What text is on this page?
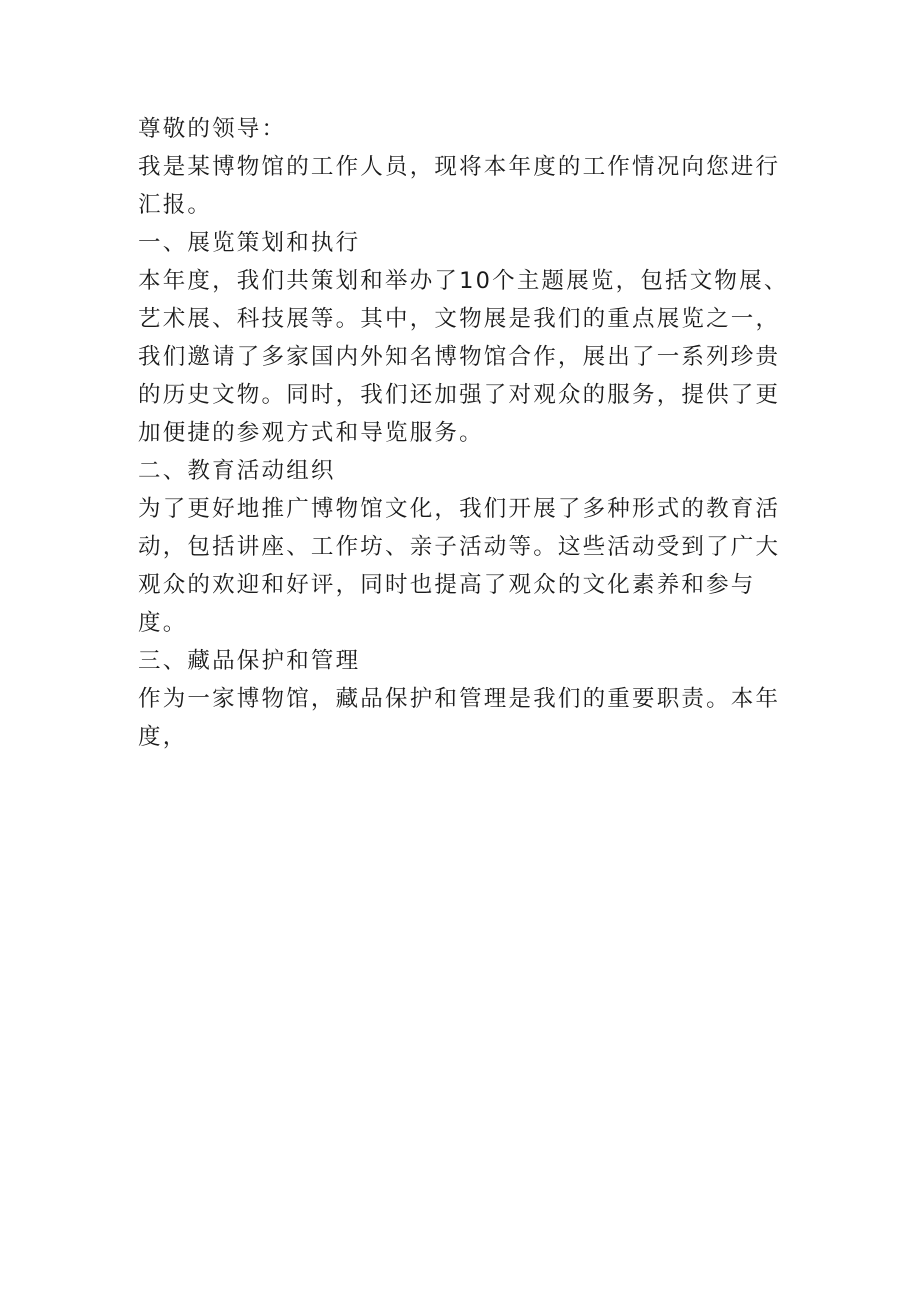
尊敬的领导：

我是某博物馆的工作人员，现将本年度的工作情况向您进行汇报。

一、展览策划和执行

本年度，我们共策划和举办了10个主题展览，包括文物展、艺术展、科技展等。其中，文物展是我们的重点展览之一，我们邀请了多家国内外知名博物馆合作，展出了一系列珍贵的历史文物。同时，我们还加强了对观众的服务，提供了更加便捷的参观方式和导览服务。

二、教育活动组织

为了更好地推广博物馆文化，我们开展了多种形式的教育活动，包括讲座、工作坊、亲子活动等。这些活动受到了广大观众的欢迎和好评，同时也提高了观众的文化素养和参与度。

三、藏品保护和管理

作为一家博物馆，藏品保护和管理是我们的重要职责。本年度，
